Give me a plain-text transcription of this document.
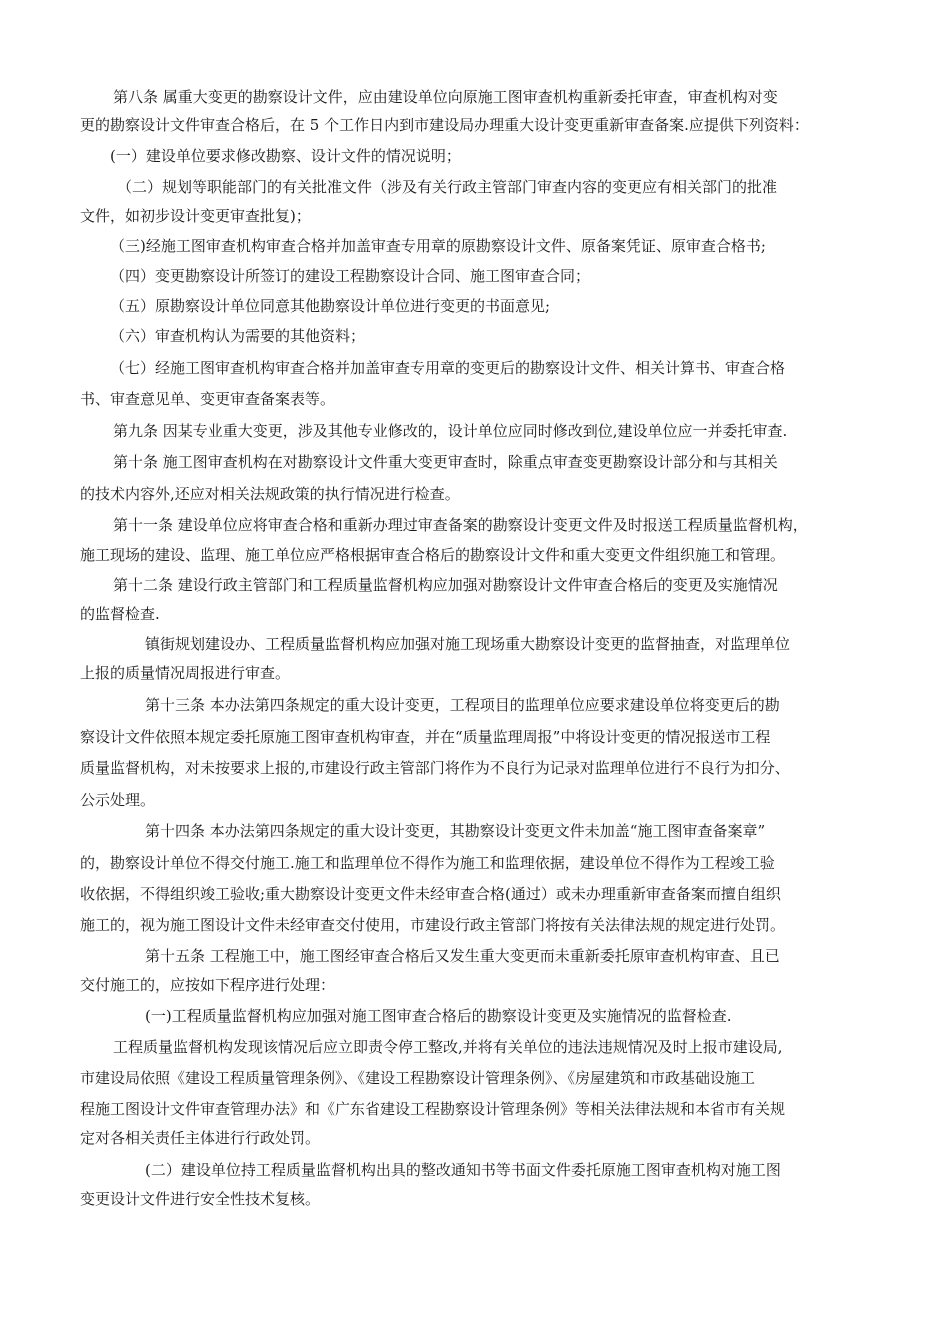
第八条 属重大变更的勘察设计文件，应由建设单位向原施工图审查机构重新委托审查，审查机构对变
更的勘察设计文件审查合格后，在 5 个工作日内到市建设局办理重大设计变更重新审查备案.应提供下列资料：
(一）建设单位要求修改勘察、设计文件的情况说明；
（二）规划等职能部门的有关批准文件（涉及有关行政主管部门审查内容的变更应有相关部门的批准
文件，如初步设计变更审查批复)；
（三)经施工图审查机构审查合格并加盖审查专用章的原勘察设计文件、原备案凭证、原审查合格书;
（四）变更勘察设计所签订的建设工程勘察设计合同、施工图审查合同；
（五）原勘察设计单位同意其他勘察设计单位进行变更的书面意见;
（六）审查机构认为需要的其他资料；
（七）经施工图审查机构审查合格并加盖审查专用章的变更后的勘察设计文件、相关计算书、审查合格
书、审查意见单、变更审查备案表等。
第九条 因某专业重大变更，涉及其他专业修改的，设计单位应同时修改到位,建设单位应一并委托审查.
第十条 施工图审查机构在对勘察设计文件重大变更审查时，除重点审查变更勘察设计部分和与其相关
的技术内容外,还应对相关法规政策的执行情况进行检查。
第十一条 建设单位应将审查合格和重新办理过审查备案的勘察设计变更文件及时报送工程质量监督机构，
施工现场的建设、监理、施工单位应严格根据审查合格后的勘察设计文件和重大变更文件组织施工和管理。
第十二条 建设行政主管部门和工程质量监督机构应加强对勘察设计文件审查合格后的变更及实施情况
的监督检查.
镇街规划建设办、工程质量监督机构应加强对施工现场重大勘察设计变更的监督抽查，对监理单位
上报的质量情况周报进行审查。
第十三条 本办法第四条规定的重大设计变更，工程项目的监理单位应要求建设单位将变更后的勘
察设计文件依照本规定委托原施工图审查机构审查，并在“质量监理周报”中将设计变更的情况报送市工程
质量监督机构，对未按要求上报的,市建设行政主管部门将作为不良行为记录对监理单位进行不良行为扣分、
公示处理。
第十四条 本办法第四条规定的重大设计变更，其勘察设计变更文件未加盖“施工图审查备案章”
的，勘察设计单位不得交付施工.施工和监理单位不得作为施工和监理依据，建设单位不得作为工程竣工验
收依据，不得组织竣工验收;重大勘察设计变更文件未经审查合格(通过）或未办理重新审查备案而擅自组织
施工的，视为施工图设计文件未经审查交付使用，市建设行政主管部门将按有关法律法规的规定进行处罚。
第十五条 工程施工中，施工图经审查合格后又发生重大变更而未重新委托原审查机构审查、且已
交付施工的，应按如下程序进行处理：
(一)工程质量监督机构应加强对施工图审查合格后的勘察设计变更及实施情况的监督检查.
工程质量监督机构发现该情况后应立即责令停工整改,并将有关单位的违法违规情况及时上报市建设局,
市建设局依照《建设工程质量管理条例》、《建设工程勘察设计管理条例》、《房屋建筑和市政基础设施工
程施工图设计文件审查管理办法》和《广东省建设工程勘察设计管理条例》等相关法律法规和本省市有关规
定对各相关责任主体进行行政处罚。
(二）建设单位持工程质量监督机构出具的整改通知书等书面文件委托原施工图审查机构对施工图
变更设计文件进行安全性技术复核。
